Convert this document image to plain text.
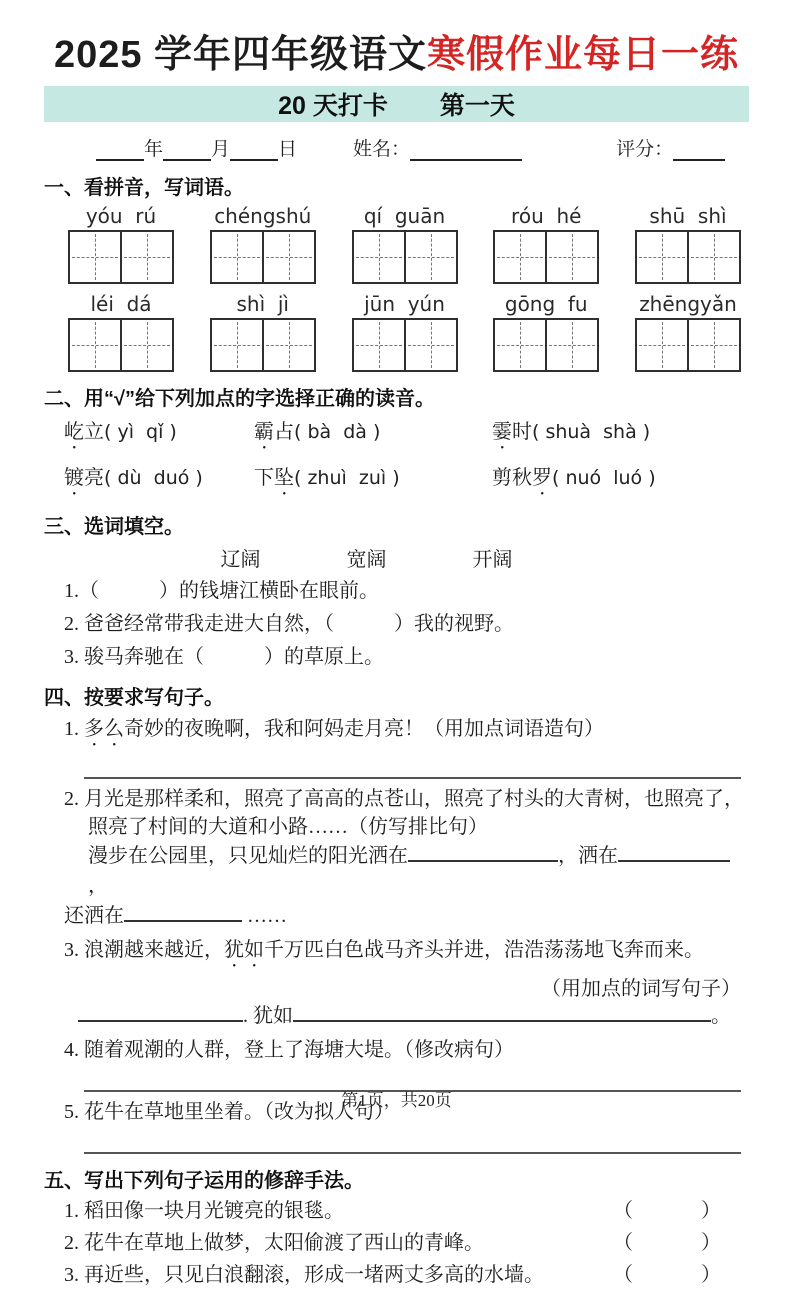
2025 学年四年级语文寒假作业每日一练
20 天打卡 第一天
年	月	日	姓名：	评分：
一、看拼音，写词语。
yóu  rú	chéngshú	qí  guān	róu  hé	shū  shì
léi  dá	shì  jì	jūn  yún	gōng  fu	zhēngyǎn
二、用“√”给下列加点的字选择正确的读音。
屹立( yì  qǐ )	霸占( bà  dà )	霎时( shuà  shà )
镀亮( dù  duó )	下坠( zhuì  zuì )	剪秋罗( nuó  luó )
三、选词填空。
辽阔	宽阔	开阔
1.（　　　）的钱塘江横卧在眼前。
2. 爸爸经常带我走进大自然，（　　　）我的视野。
3. 骏马奔驰在（　　　）的草原上。
四、按要求写句子。
1. 多么奇妙的夜晚啊，我和阿妈走月亮！（用加点词语造句）
2. 月光是那样柔和，照亮了高高的点苍山，照亮了村头的大青树，也照亮了，
照亮了村间的大道和小路……（仿写排比句）
漫步在公园里，只见灿烂的阳光洒在	，洒在，
还洒在	……
3. 浪潮越来越近，犹如千万匹白色战马齐头并进，浩浩荡荡地飞奔而来。
（用加点的词写句子）
. 犹如	。
4. 随着观潮的人群，登上了海塘大堤。（修改病句）
5. 花牛在草地里坐着。（改为拟人句）
五、写出下列句子运用的修辞手法。
1. 稻田像一块月光镀亮的银毯。	（　　　）
2. 花牛在草地上做梦，太阳偷渡了西山的青峰。	（　　　）
3. 再近些，只见白浪翻滚，形成一堵两丈多高的水墙。	（　　　）
第1页，共20页
